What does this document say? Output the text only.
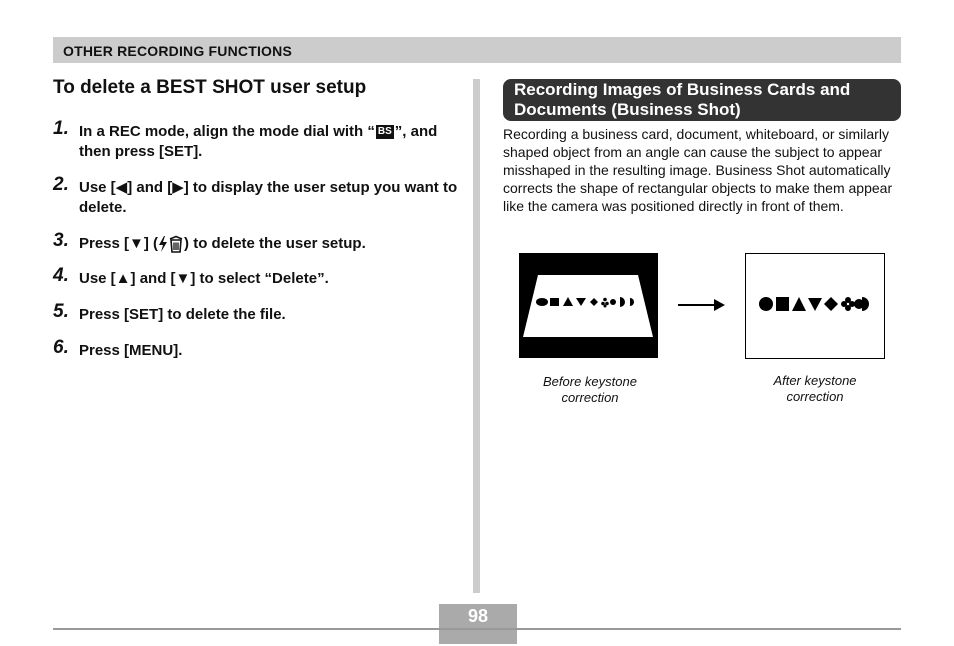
OTHER RECORDING FUNCTIONS
To delete a BEST SHOT user setup
1. In a REC mode, align the mode dial with “ BS ”, and then press [SET].
2. Use [◀] and [▶] to display the user setup you want to delete.
3. Press [▼] ( ) to delete the user setup.
4. Use [▲] and [▼] to select “Delete”.
5. Press [SET] to delete the file.
6. Press [MENU].
Recording Images of Business Cards and Documents (Business Shot)
Recording a business card, document, whiteboard, or similarly shaped object from an angle can cause the subject to appear misshaped in the resulting image. Business Shot automatically corrects the shape of rectangular objects to make them appear like the camera was positioned directly in front of them.
Before keystone correction
After keystone correction
98
